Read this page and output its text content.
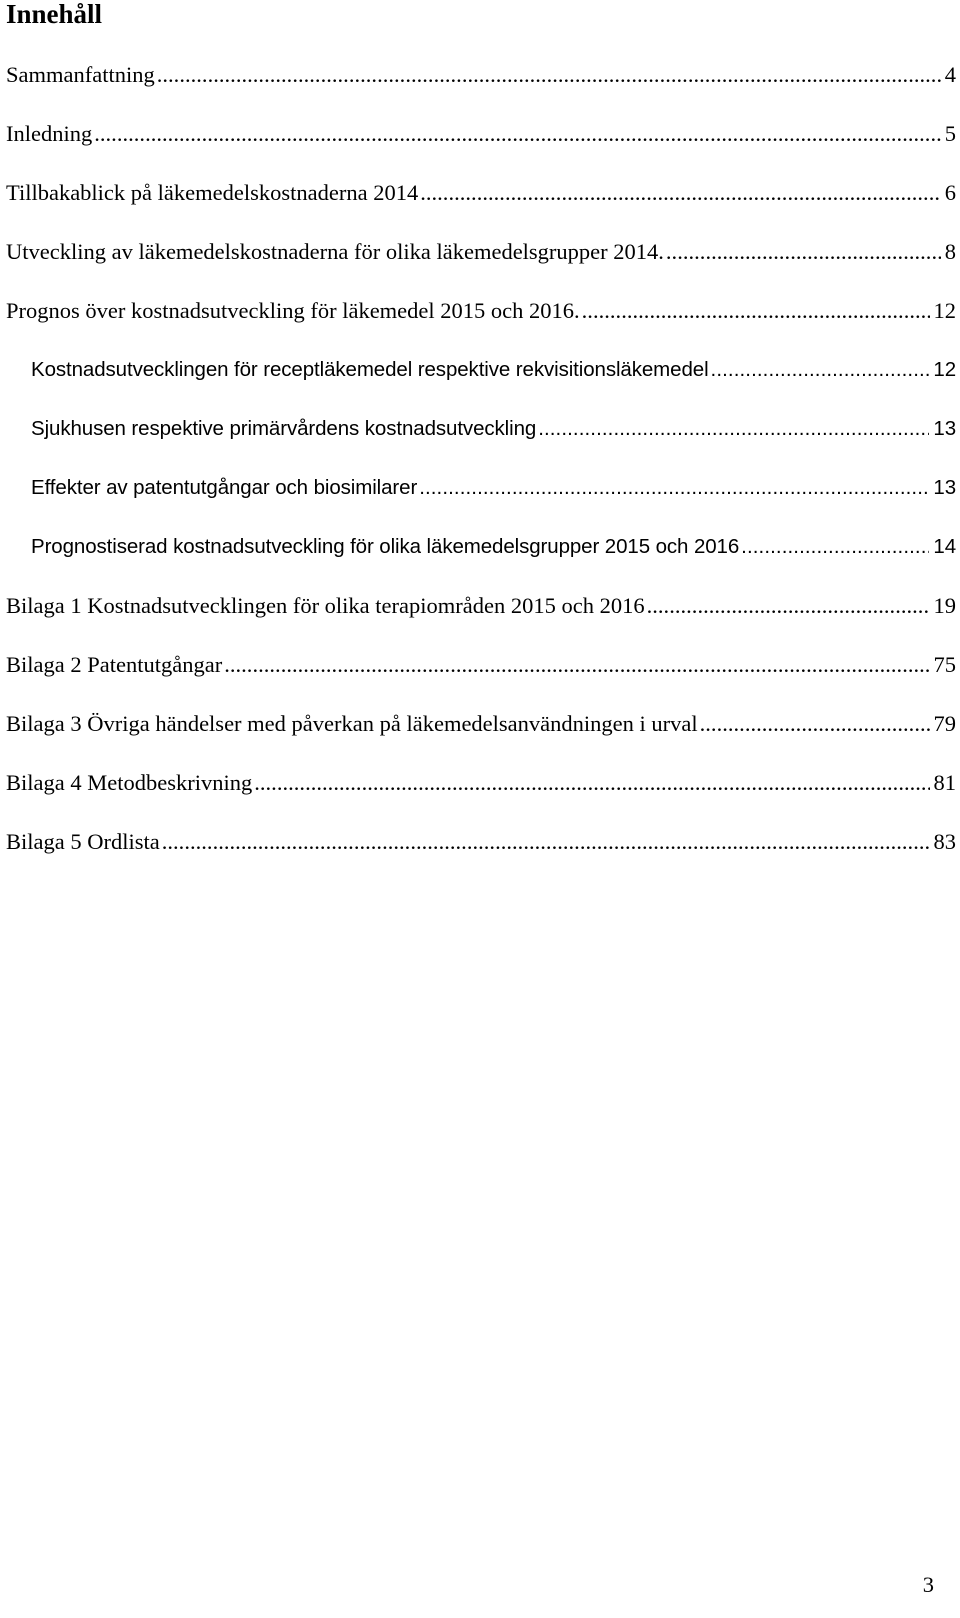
Innehåll
Sammanfattning . . .	4
Inledning . . .	5
Tillbakablick på läkemedelskostnaderna 2014 . . .	6
Utveckling av läkemedelskostnaderna för olika läkemedelsgrupper 2014. . . .	8
Prognos över kostnadsutveckling för läkemedel 2015 och 2016. . . .	12
Kostnadsutvecklingen för receptläkemedel respektive rekvisitionsläkemedel . . .	12
Sjukhusen respektive primärvårdens kostnadsutveckling . . .	13
Effekter av patentutgångar och biosimilarer . . .	13
Prognostiserad kostnadsutveckling för olika läkemedelsgrupper 2015 och 2016 . . .	14
Bilaga 1 Kostnadsutvecklingen för olika terapiområden 2015 och 2016 . . .	19
Bilaga 2 Patentutgångar . . .	75
Bilaga 3 Övriga händelser med påverkan på läkemedelsanvändningen i urval . . .	79
Bilaga 4 Metodbeskrivning . . .	81
Bilaga 5 Ordlista . . .	83
3
